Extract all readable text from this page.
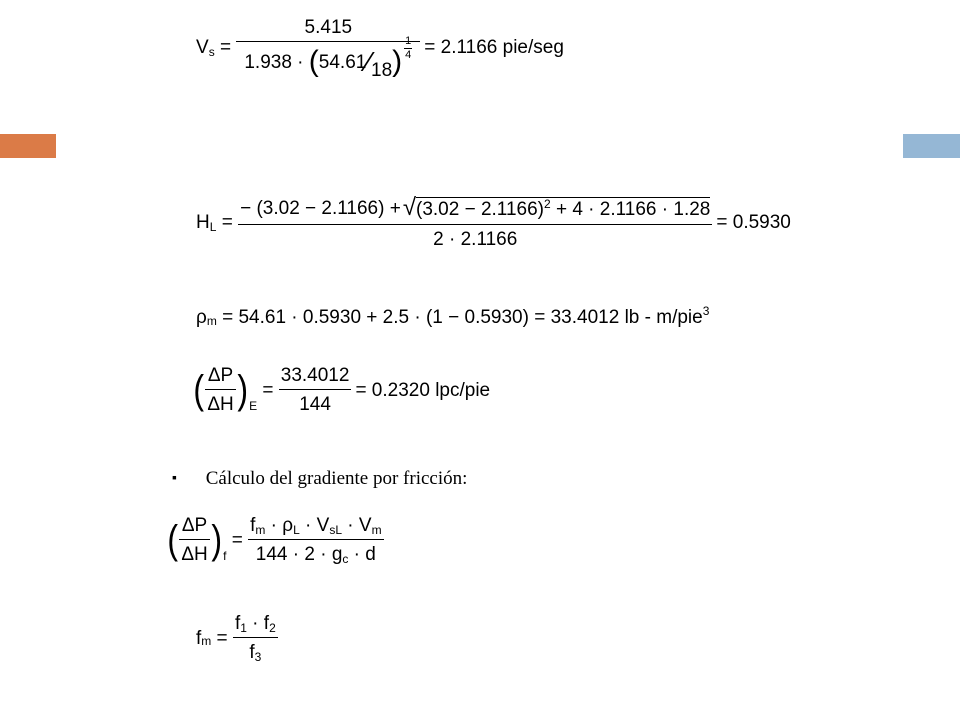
$V_s$ =
5.415
1.938 ·
( 54.61 ⁄ 18 ) $\frac{1}{4} = 2.1166$ pie/seg
$H_L$ =
− (3.02 − 2.1166) + √ $(3.02 - 2.1166)^2 + 4 \cdot 2.1166 \cdot 1.28$
2 · 2.1166
= 0.5930
$\rho_m$
= 54.61 · 0.5930 + 2.5 · (1 − 0.5930) = 33.4012 lb - m/pie$^3$
( $\frac{\Delta P}{\Delta H} )_E$
= $\frac{33.4012}{144} = 0.2320$ lpc/pie
▪ Cálculo del gradiente por fricción:
( $\frac{\Delta P}{\Delta H} )_f$
= $\frac{f_m \cdot \rho_L \cdot V_{sL} \cdot V_m}{144 \cdot 2 \cdot g_c \cdot d}$
$f_m = \frac{f_1 \cdot f_2}{f_3}$
